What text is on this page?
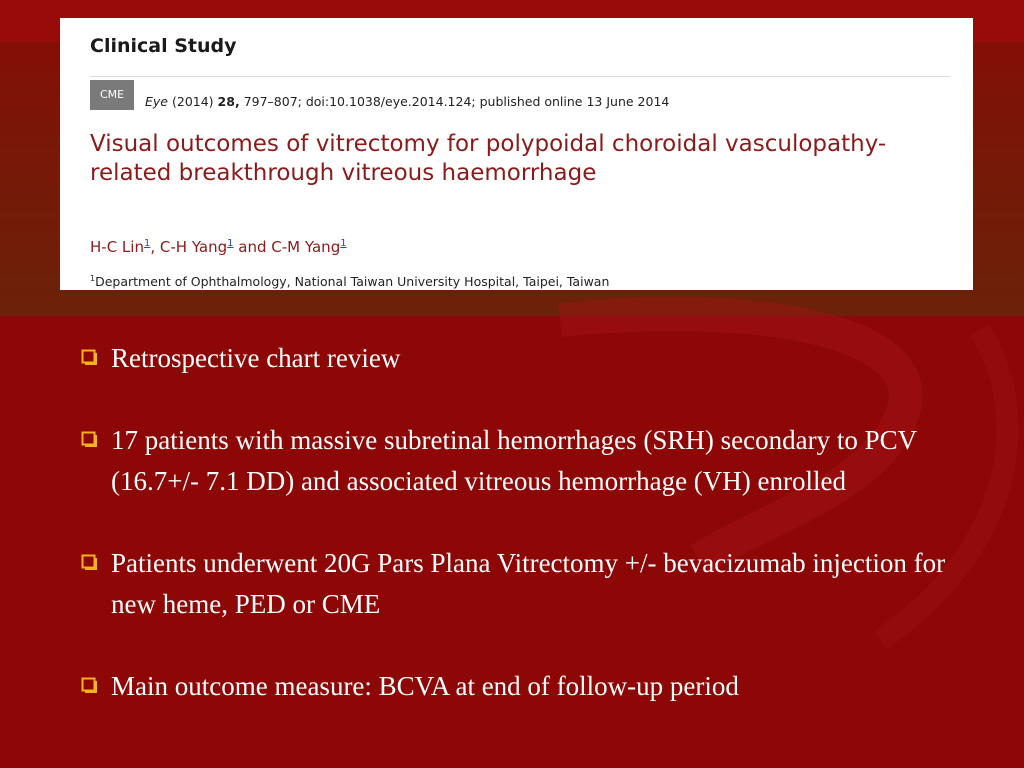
Clinical Study
CME	Eye (2014) 28, 797–807; doi:10.1038/eye.2014.124; published online 13 June 2014
Visual outcomes of vitrectomy for polypoidal choroidal vasculopathy-related breakthrough vitreous haemorrhage
H-C Lin$^1$, C-H Yang$^1$ and C-M Yang$^1$
$^1$Department of Ophthalmology, National Taiwan University Hospital, Taipei, Taiwan
Retrospective chart review
17 patients with massive subretinal hemorrhages (SRH) secondary to PCV (16.7+/- 7.1 DD) and associated vitreous hemorrhage (VH) enrolled
Patients underwent 20G Pars Plana Vitrectomy +/- bevacizumab injection for new heme, PED or CME
Main outcome measure: BCVA at end of follow-up period
